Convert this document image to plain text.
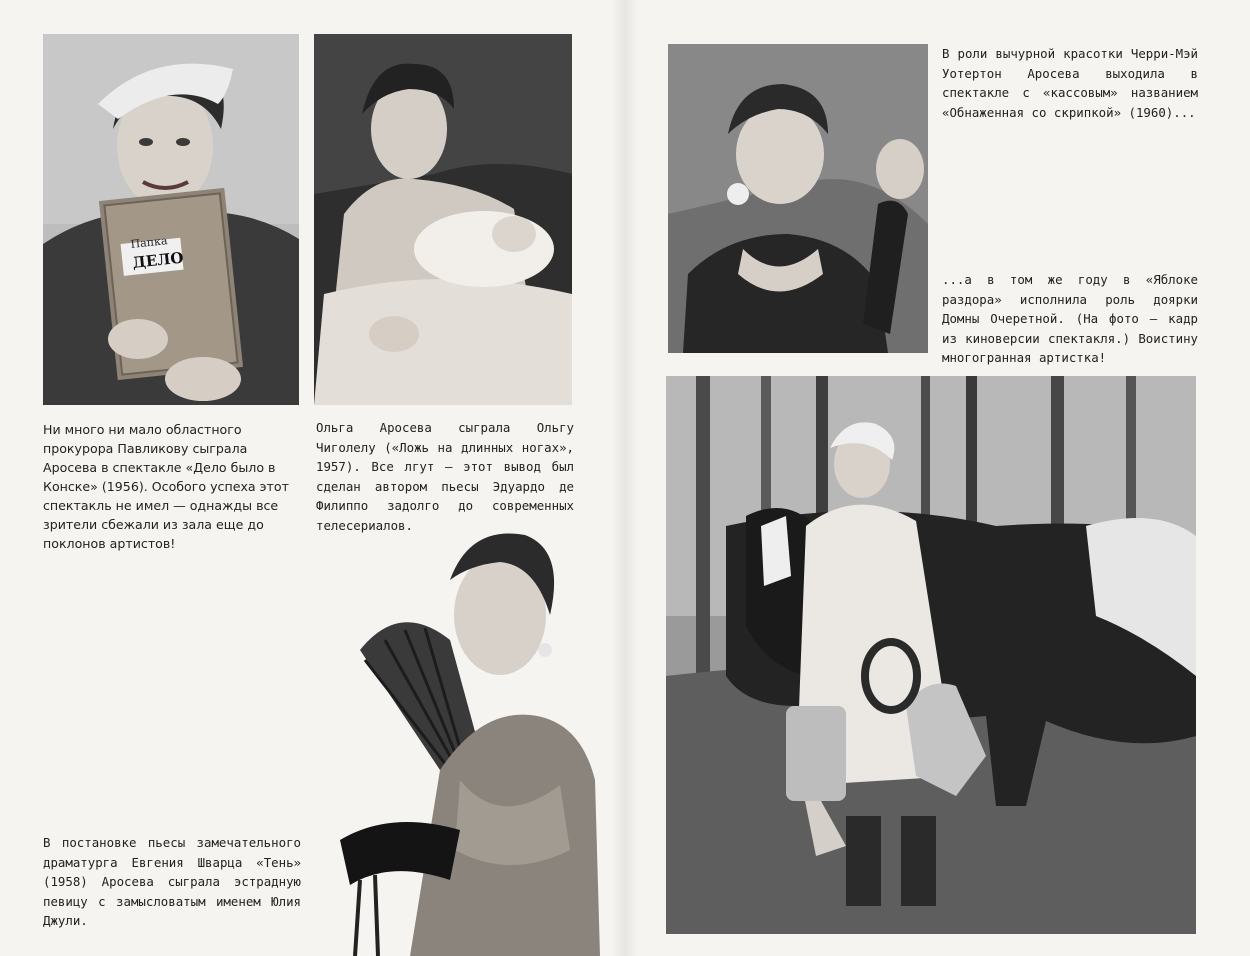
Папка
ДЕЛО
Ни много ни мало областного прокурора Павликову сыграла Аросева в спектакле «Дело было в Конске» (1956). Особого успеха этот спектакль не имел — однажды все зрители сбежали из зала еще до поклонов артистов!
Ольга Аросева сыграла Ольгу Чиголелу («Ложь на длинных ногах», 1957). Все лгут — этот вывод был сделан автором пьесы Эдуардо де Филиппо задолго до современных телесериалов.
В постановке пьесы замечательного драматурга Евгения Шварца «Тень» (1958) Аросева сыграла эстрадную певицу с замысловатым именем Юлия Джули.
В роли вычурной красотки Черри-Мэй Уотертон Аросева выходила в спектакле с «кассовым» названием «Обнаженная со скрипкой» (1960)...
...а в том же году в «Яблоке раздора» исполнила роль доярки Домны Очеретной. (На фото — кадр из киноверсии спектакля.) Воистину многогранная артистка!
